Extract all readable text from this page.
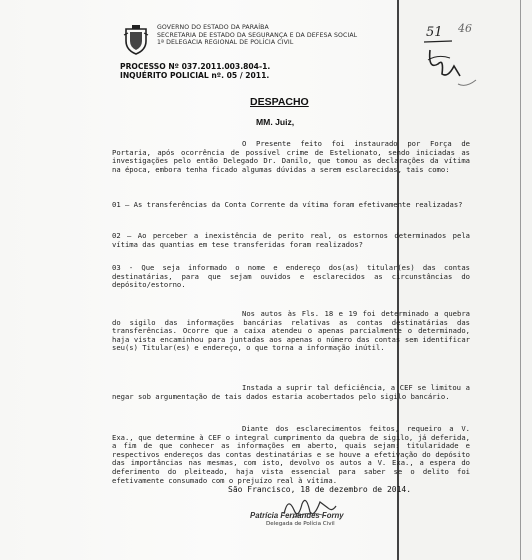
GOVERNO DO ESTADO DA PARAÍBA
SECRETARIA DE ESTADO DA SEGURANÇA E DA DEFESA SOCIAL
1ª DELEGACIA REGIONAL DE POLÍCIA CIVIL
PROCESSO Nº 037.2011.003.804-1.
INQUÉRITO POLICIAL nº. 05 / 2011.
DESPACHO
MM. Juiz,

O Presente feito foi instaurado por Força de Portaria, após ocorrência de possível crime de Estelionato, sendo iniciadas as investigações pelo então Delegado Dr. Danilo, que tomou as declarações da vítima na época, embora tenha ficado algumas dúvidas a serem esclarecidas, tais como:

01 – As transferências da Conta Corrente da vítima foram efetivamente realizadas?

02 – Ao perceber a inexistência de perito real, os estornos determinados pela vítima das quantias em tese transferidas foram realizados?

03 - Que seja informado o nome e endereço dos(as) titular(es) das contas destinatárias, para que sejam ouvidos e esclarecidos as circunstâncias do depósito/estorno.

Nos autos às Fls. 18 e 19 foi determinado a quebra do sigilo das informações bancárias relativas as contas destinatárias das transferências. Ocorre que a caixa atendeu o apenas parcialmente o determinado, haja vista encaminhou para juntadas aos apenas o número das contas sem identificar seu(s) Titular(es) e endereço, o que torna a informação inútil.

Instada a suprir tal deficiência, a CEF se limitou a negar sob argumentação de tais dados estaria acobertados pelo sigilo bancário.

Diante dos esclarecimentos feitos, requeiro a V. Exa., que determine à CEF o integral cumprimento da quebra de sigilo, já deferida, a fim de que conhecer as informações em aberto, quais sejam: titularidade e respectivos endereços das contas destinatárias e se houve a efetivação do depósito das importâncias nas mesmas, com isto, devolvo os autos a V. Exa., a espera do deferimento do pleiteado, haja vista essencial para saber se o delito foi efetivamente consumado com o prejuízo real à vítima.

São Francisco, 18 de dezembro de 2014.
Patrícia Fernandes Forny
Delegada de Polícia Civil
51 46
